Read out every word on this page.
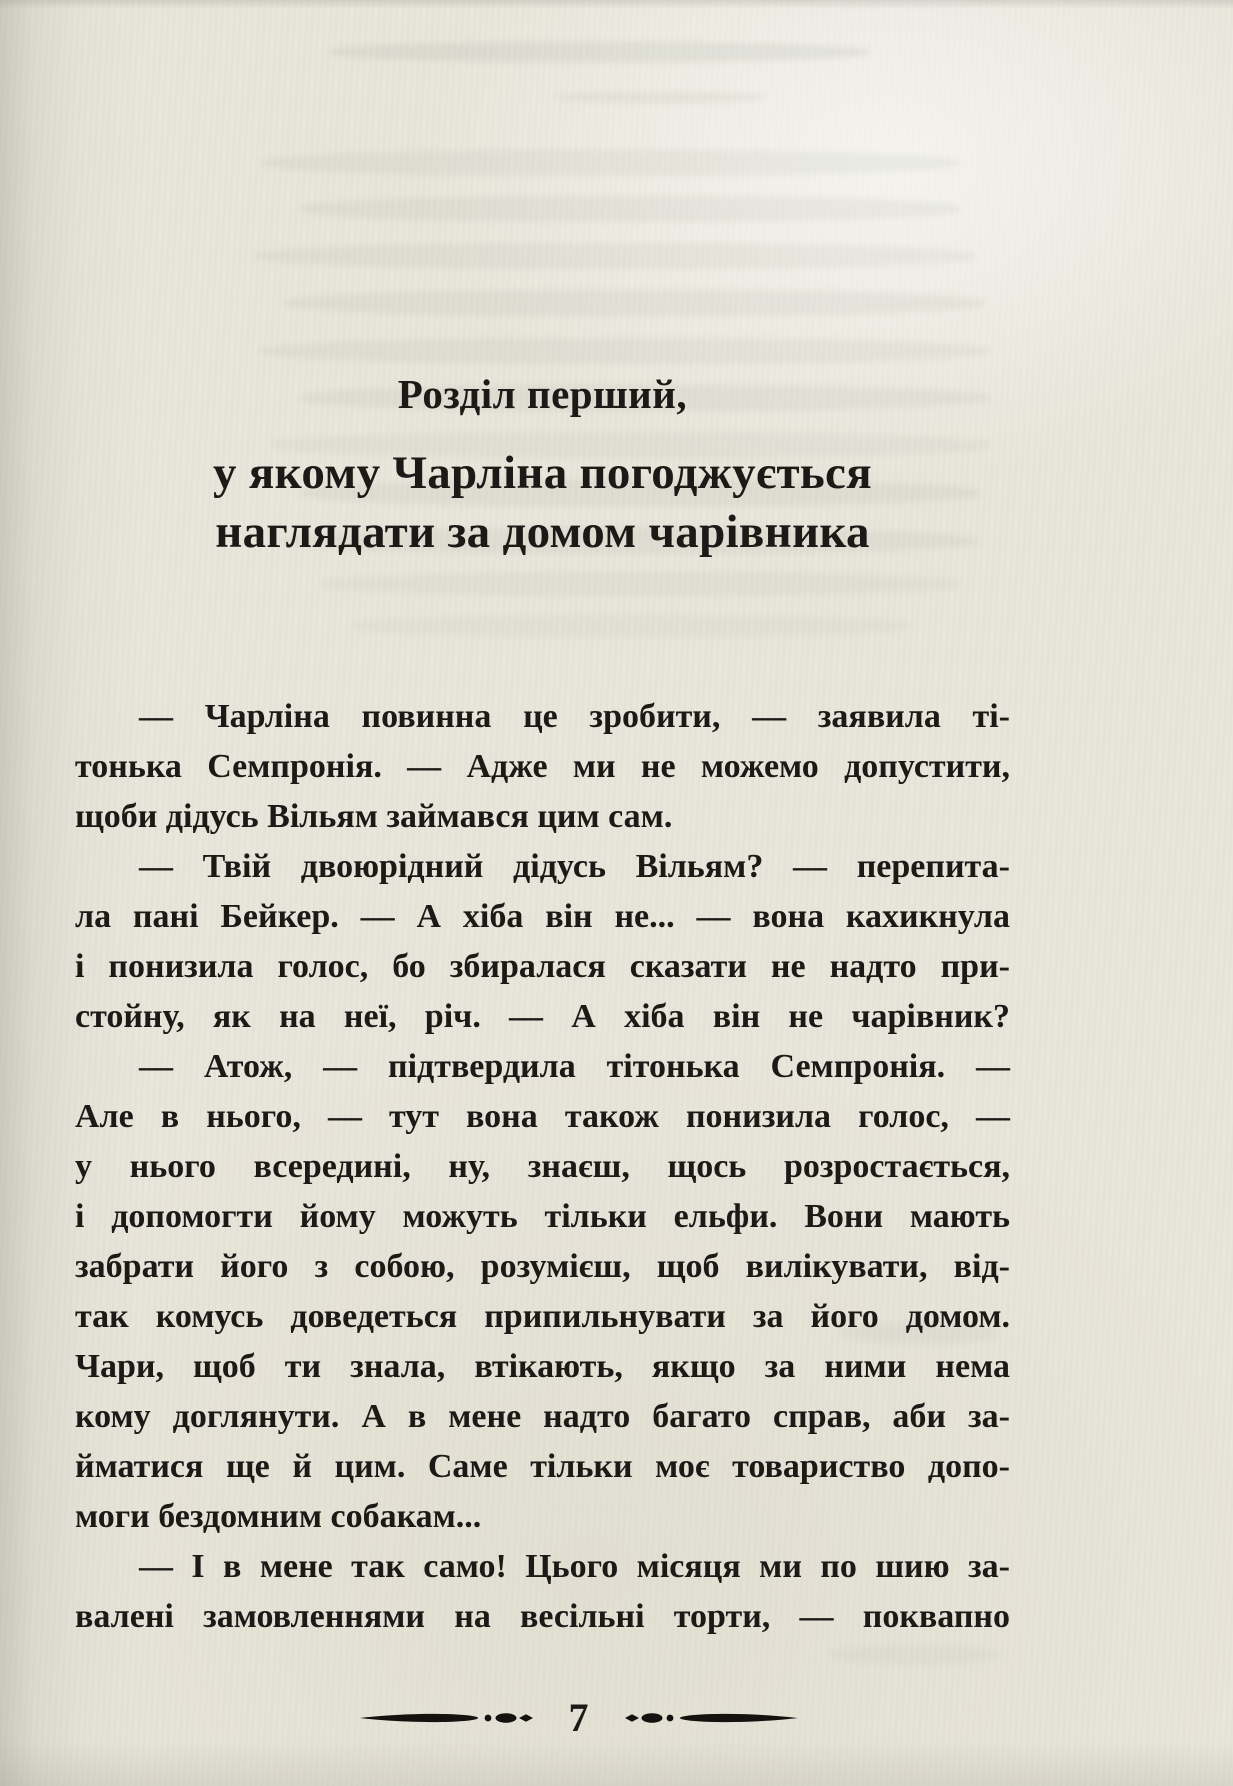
Розділ перший,
у якому Чарліна погоджується
наглядати за домом чарівника
— Чарліна повинна це зробити, — заявила ті-
тонька Семпронія. — Адже ми не можемо допустити,
щоби дідусь Вільям займався цим сам.
— Твій двоюрідний дідусь Вільям? — перепита-
ла пані Бейкер. — А хіба він не... — вона кахикнула
і понизила голос, бо збиралася сказати не надто при-
стойну, як на неї, річ. — А хіба він не чарівник?
— Атож, — підтвердила тітонька Семпронія. —
Але в нього, — тут вона також понизила голос, —
у нього всередині, ну, знаєш, щось розростається,
і допомогти йому можуть тільки ельфи. Вони мають
забрати його з собою, розумієш, щоб вилікувати, від-
так комусь доведеться припильнувати за його домом.
Чари, щоб ти знала, втікають, якщо за ними нема
кому доглянути. А в мене надто багато справ, аби за-
йматися ще й цим. Саме тільки моє товариство допо-
моги бездомним собакам...
— І в мене так само! Цього місяця ми по шию за-
валені замовленнями на весільні торти, — поквапно
7
